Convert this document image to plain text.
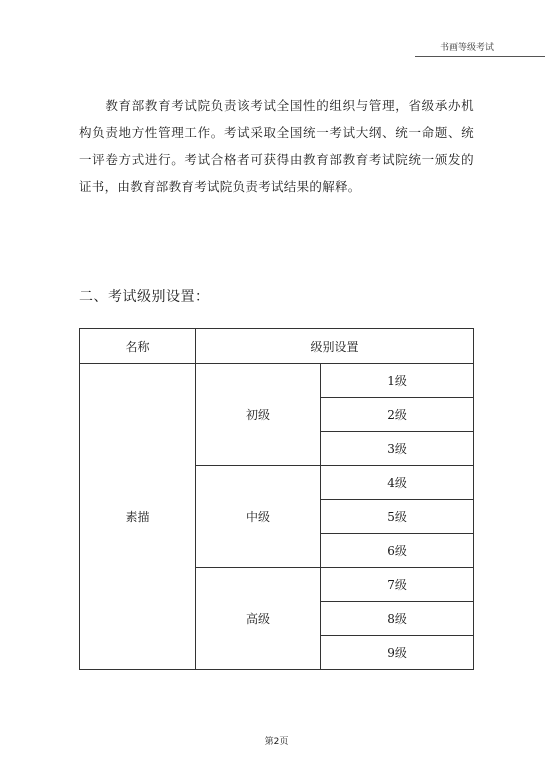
书画等级考试

　　教育部教育考试院负责该考试全国性的组织与管理，省级承办机构负责地方性管理工作。考试采取全国统一考试大纲、统一命题、统一评卷方式进行。考试合格者可获得由教育部教育考试院统一颁发的证书，由教育部教育考试院负责考试结果的解释。

二、考试级别设置：
名称	级别设置	
素描	初级	1级
		2级
		3级
	中级	4级
		5级
		6级
	高级	7级
		8级
		9级
第2页
